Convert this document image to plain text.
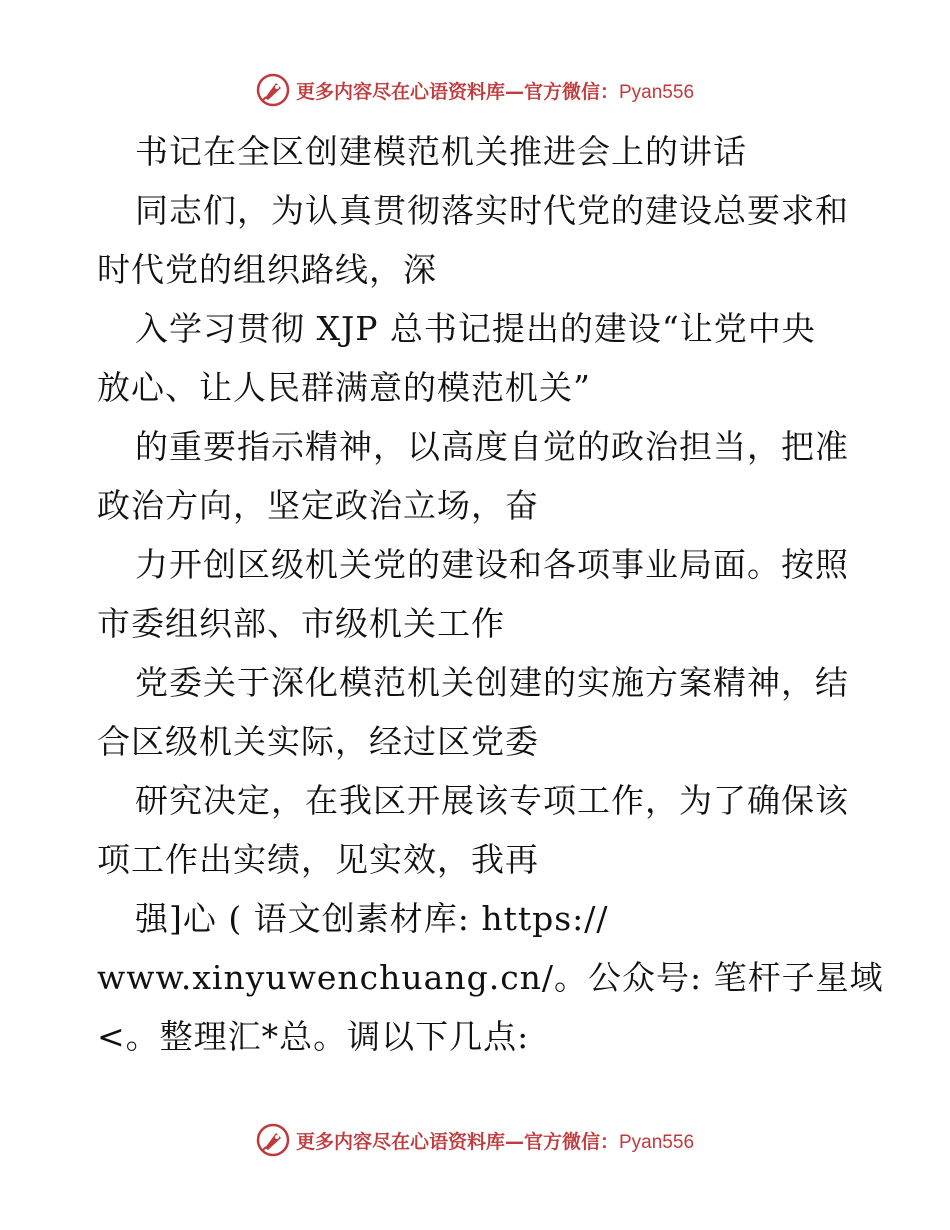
更多内容尽在心语资料库—官方微信：Pyan556
书记在全区创建模范机关推进会上的讲话
同志们，为认真贯彻落实时代党的建设总要求和
时代党的组织路线，深
入学习贯彻 XJP 总书记提出的建设“让党中央
放心、让人民群满意的模范机关”
的重要指示精神，以高度自觉的政治担当，把准
政治方向，坚定政治立场，奋
力开创区级机关党的建设和各项事业局面。按照
市委组织部、市级机关工作
党委关于深化模范机关创建的实施方案精神，结
合区级机关实际，经过区党委
研究决定，在我区开展该专项工作，为了确保该
项工作出实绩，见实效，我再
强]心 ( 语文创素材库: https://
www.xinyuwenchuang.cn/。公众号: 笔杆子星域
<。整理汇*总。调以下几点:
更多内容尽在心语资料库—官方微信：Pyan556
